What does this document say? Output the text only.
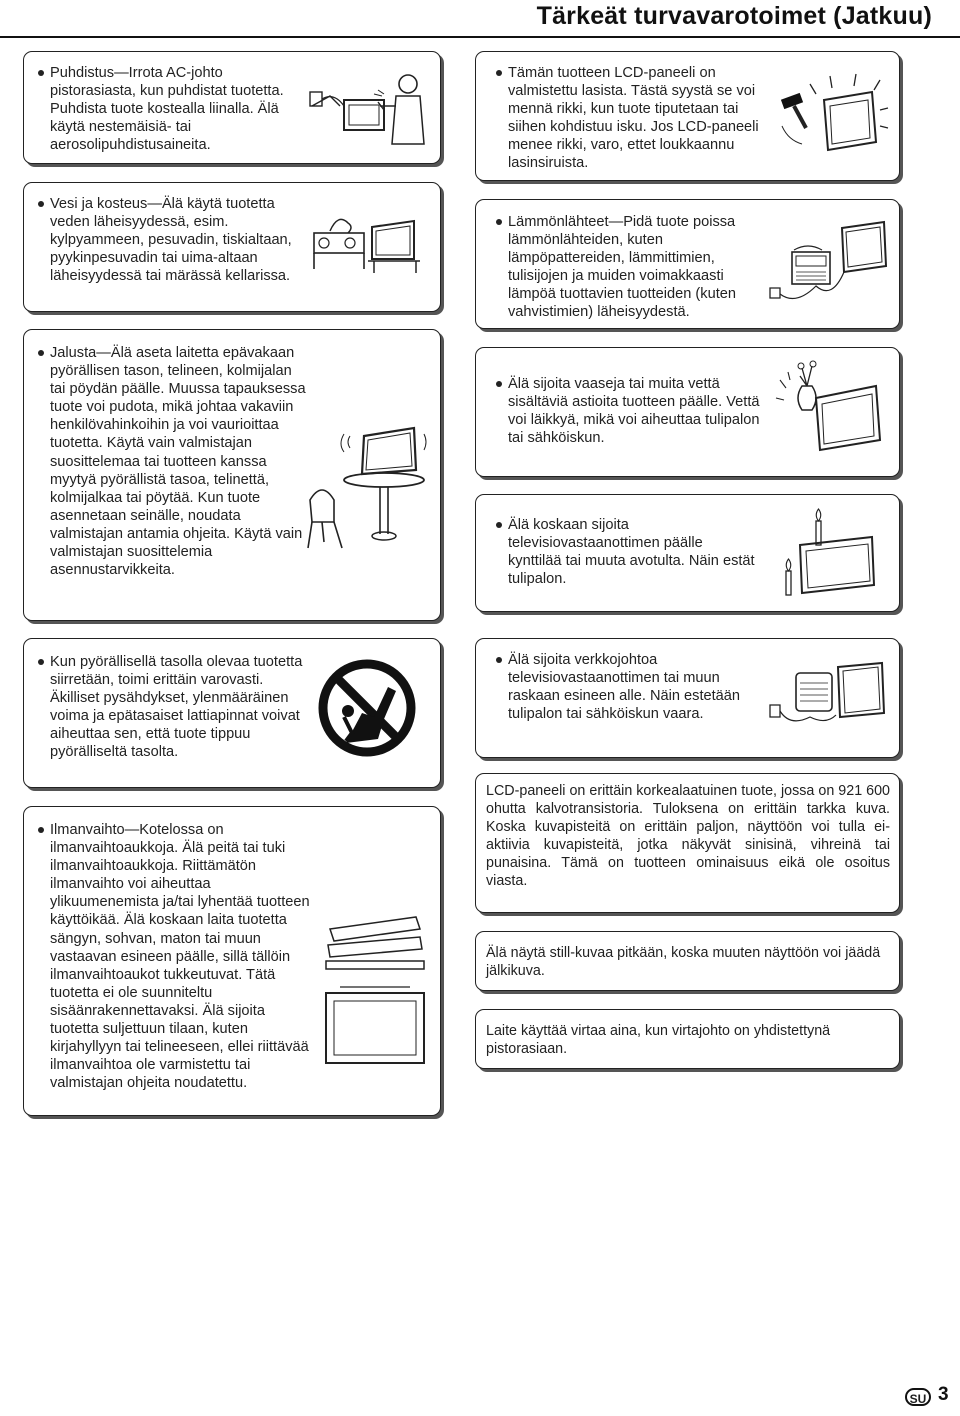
Tärkeät turvavarotoimet (Jatkuu)
Puhdistus—Irrota AC-johto pistorasiasta, kun puhdistat tuotetta. Puhdista tuote kostealla liinalla. Älä käytä nestemäisiä- tai aerosolipuhdistusaineita.
Vesi ja kosteus—Älä käytä tuotetta veden läheisyydessä, esim. kylpyammeen, pesuvadin, tiskialtaan, pyykinpesuvadin tai uima-altaan läheisyydessä tai märässä kellarissa.
Jalusta—Älä aseta laitetta epävakaan pyörällisen tason, telineen, kolmijalan tai pöydän päälle. Muussa tapauksessa tuote voi pudota, mikä johtaa vakaviin henkilövahinkoihin ja voi vaurioittaa tuotetta. Käytä vain valmistajan suosittelemaa tai tuotteen kanssa myytyä pyörällistä tasoa, telinettä, kolmijalkaa tai pöytää. Kun tuote asennetaan seinälle, noudata valmistajan antamia ohjeita. Käytä vain valmistajan suosittelemia asennustarvikkeita.
Kun pyörällisellä tasolla olevaa tuotetta siirretään, toimi erittäin varovasti. Äkilliset pysähdykset, ylenmääräinen voima ja epätasaiset lattiapinnat voivat aiheuttaa sen, että tuote tippuu pyörälliseltä tasolta.
Ilmanvaihto—Kotelossa on ilmanvaihtoaukkoja. Älä peitä tai tuki ilmanvaihtoaukkoja. Riittämätön ilmanvaihto voi aiheuttaa ylikuumenemista ja/tai lyhentää tuotteen käyttöikää. Älä koskaan laita tuotetta sängyn, sohvan, maton tai muun vastaavan esineen päälle, sillä tällöin ilmanvaihtoaukot tukkeutuvat. Tätä tuotetta ei ole suunniteltu sisäänrakennettavaksi. Älä sijoita tuotetta suljettuun tilaan, kuten kirjahyllyyn tai telineeseen, ellei riittävää ilmanvaihtoa ole varmistettu tai valmistajan ohjeita noudatettu.
Tämän tuotteen LCD-paneeli on valmistettu lasista. Tästä syystä se voi mennä rikki, kun tuote tiputetaan tai siihen kohdistuu isku. Jos LCD-paneeli menee rikki, varo, ettet loukkaannu lasinsiruista.
Lämmönlähteet—Pidä tuote poissa lämmönlähteiden, kuten lämpöpattereiden, lämmittimien, tulisijojen ja muiden voimakkaasti lämpöä tuottavien tuotteiden (kuten vahvistimien) läheisyydestä.
Älä sijoita vaaseja tai muita vettä sisältäviä astioita tuotteen päälle. Vettä voi läikkyä, mikä voi aiheuttaa tulipalon tai sähköiskun.
Älä koskaan sijoita televisiovastaanottimen päälle kynttilää tai muuta avotulta. Näin estät tulipalon.
Älä sijoita verkkojohtoa televisiovastaanottimen tai muun raskaan esineen alle. Näin estetään tulipalon tai sähköiskun vaara.
LCD-paneeli on erittäin korkealaatuinen tuote, jossa on 921 600 ohutta kalvotransistoria. Tuloksena on erittäin tarkka kuva. Koska kuvapisteitä on erittäin paljon, näyttöön voi tulla ei-aktiivia kuvapisteitä, jotka näkyvät sinisinä, vihreinä tai punaisina. Tämä on tuotteen ominaisuus eikä ole osoitus viasta.
Älä näytä still-kuvaa pitkään, koska muuten näyttöön voi jäädä jälkikuva.
Laite käyttää virtaa aina, kun virtajohto on yhdistettynä pistorasiaan.
SU 3
